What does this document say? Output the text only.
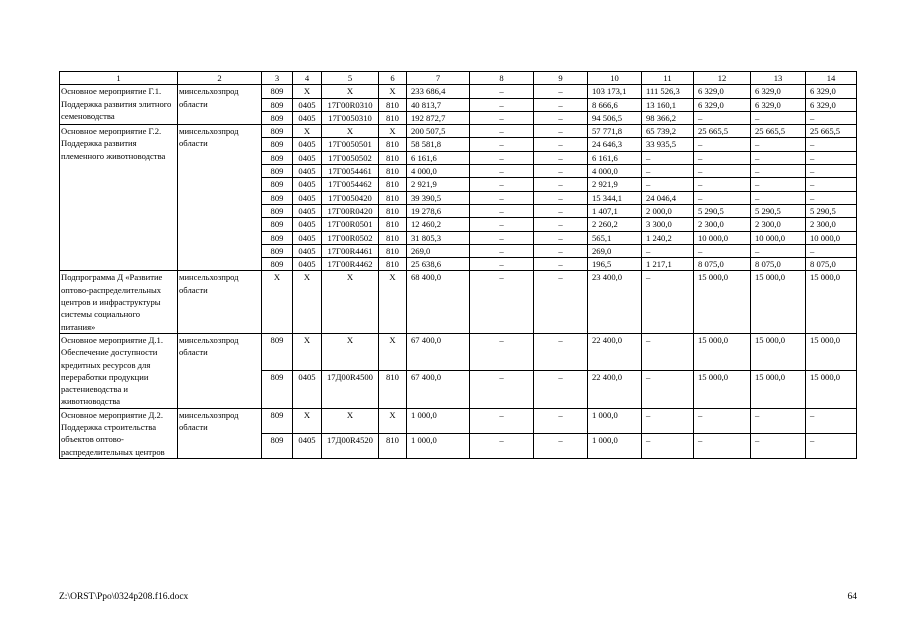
1	2	3	4	5	6	7	8	9	10	11	12	13	14
Основное мероприятие Г.1. Поддержка развития элитного семеноводства	минсельхозпрод области	809	X	X	X	233 686,4	–	–	103 173,1	111 526,3	6 329,0	6 329,0	6 329,0
		809	0405	17Г00R0310	810	40 813,7	–	–	8 666,6	13 160,1	6 329,0	6 329,0	6 329,0
		809	0405	17Г0050310	810	192 872,7	–	–	94 506,5	98 366,2	–	–	–
Основное мероприятие Г.2. Поддержка развития племенного животноводства	минсельхозпрод области	809	X	X	X	200 507,5	–	–	57 771,8	65 739,2	25 665,5	25 665,5	25 665,5
		809	0405	17Г0050501	810	58 581,8	–	–	24 646,3	33 935,5	–	–	–
		809	0405	17Г0050502	810	6 161,6	–	–	6 161,6	–	–	–	–
		809	0405	17Г0054461	810	4 000,0	–	–	4 000,0	–	–	–	–
		809	0405	17Г0054462	810	2 921,9	–	–	2 921,9	–	–	–	–
		809	0405	17Г0050420	810	39 390,5	–	–	15 344,1	24 046,4	–	–	–
		809	0405	17Г00R0420	810	19 278,6	–	–	1 407,1	2 000,0	5 290,5	5 290,5	5 290,5
		809	0405	17Г00R0501	810	12 460,2	–	–	2 260,2	3 300,0	2 300,0	2 300,0	2 300,0
		809	0405	17Г00R0502	810	31 805,3	–	–	565,1	1 240,2	10 000,0	10 000,0	10 000,0
		809	0405	17Г00R4461	810	269,0	–	–	269,0	–	–	–	–
		809	0405	17Г00R4462	810	25 638,6	–	–	196,5	1 217,1	8 075,0	8 075,0	8 075,0
Подпрограмма Д «Развитие оптово-распределительных центров и инфраструктуры системы социального питания»	минсельхозпрод области	X	X	X	X	68 400,0	–	–	23 400,0	–	15 000,0	15 000,0	15 000,0
Основное мероприятие Д.1. Обеспечение доступности кредитных ресурсов для переработки продукции растениеводства и животноводства	минсельхозпрод области	809	X	X	X	67 400,0	–	–	22 400,0	–	15 000,0	15 000,0	15 000,0
		809	0405	17Д00R4500	810	67 400,0	–	–	22 400,0	–	15 000,0	15 000,0	15 000,0
Основное мероприятие Д.2. Поддержка строительства объектов оптово-распределительных центров	минсельхозпрод области	809	X	X	X	1 000,0	–	–	1 000,0	–	–	–	–
		809	0405	17Д00R4520	810	1 000,0	–	–	1 000,0	–	–	–	–
Z:\ORST\Ppo\0324p208.f16.docx	64
